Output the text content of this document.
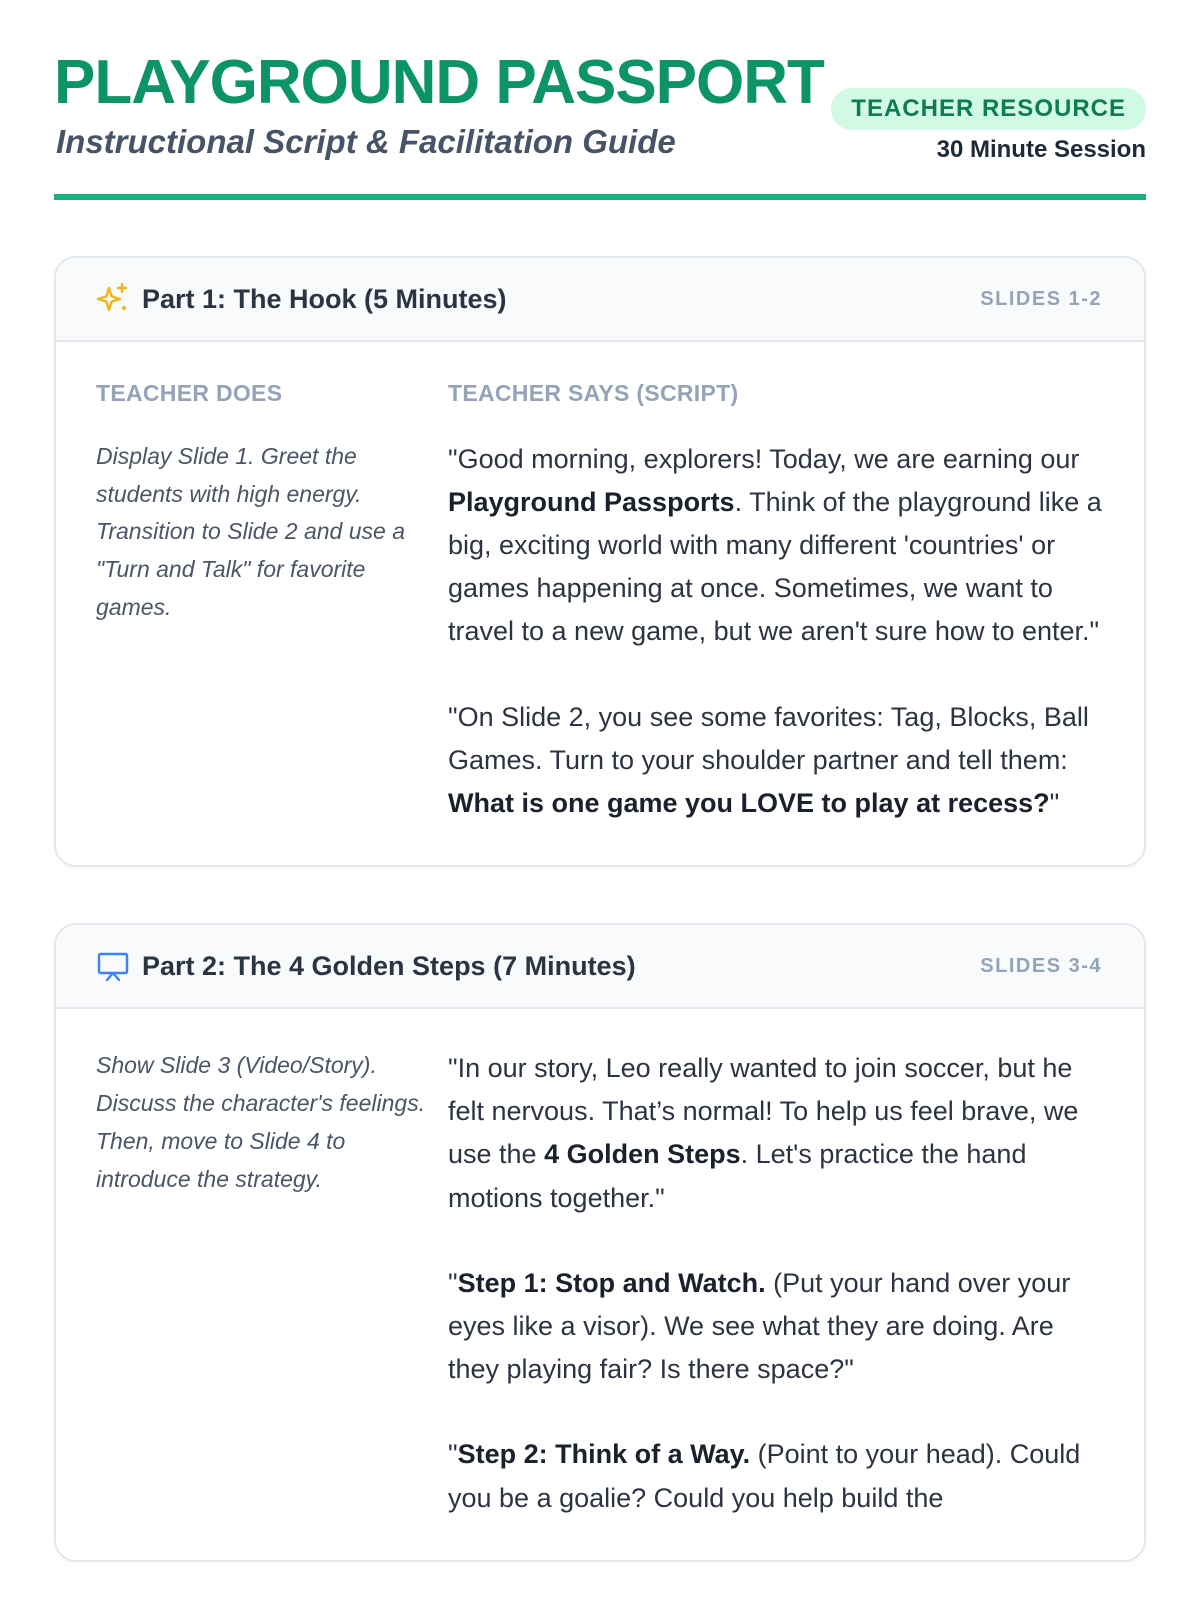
PLAYGROUND PASSPORT
Instructional Script & Facilitation Guide
TEACHER RESOURCE
30 Minute Session
Part 1: The Hook (5 Minutes)	SLIDES 1-2
TEACHER DOES
Display Slide 1. Greet the students with high energy. Transition to Slide 2 and use a "Turn and Talk" for favorite games.
TEACHER SAYS (SCRIPT)

"Good morning, explorers! Today, we are earning our Playground Passports. Think of the playground like a big, exciting world with many different 'countries' or games happening at once. Sometimes, we want to travel to a new game, but we aren't sure how to enter."

"On Slide 2, you see some favorites: Tag, Blocks, Ball Games. Turn to your shoulder partner and tell them: What is one game you LOVE to play at recess?"

Part 2: The 4 Golden Steps (7 Minutes)	SLIDES 3-4
Show Slide 3 (Video/Story). Discuss the character's feelings. Then, move to Slide 4 to introduce the strategy.

"In our story, Leo really wanted to join soccer, but he felt nervous. That’s normal! To help us feel brave, we use the 4 Golden Steps. Let's practice the hand motions together."

"Step 1: Stop and Watch. (Put your hand over your eyes like a visor). We see what they are doing. Are they playing fair? Is there space?"

"Step 2: Think of a Way. (Point to your head). Could you be a goalie? Could you help build the
